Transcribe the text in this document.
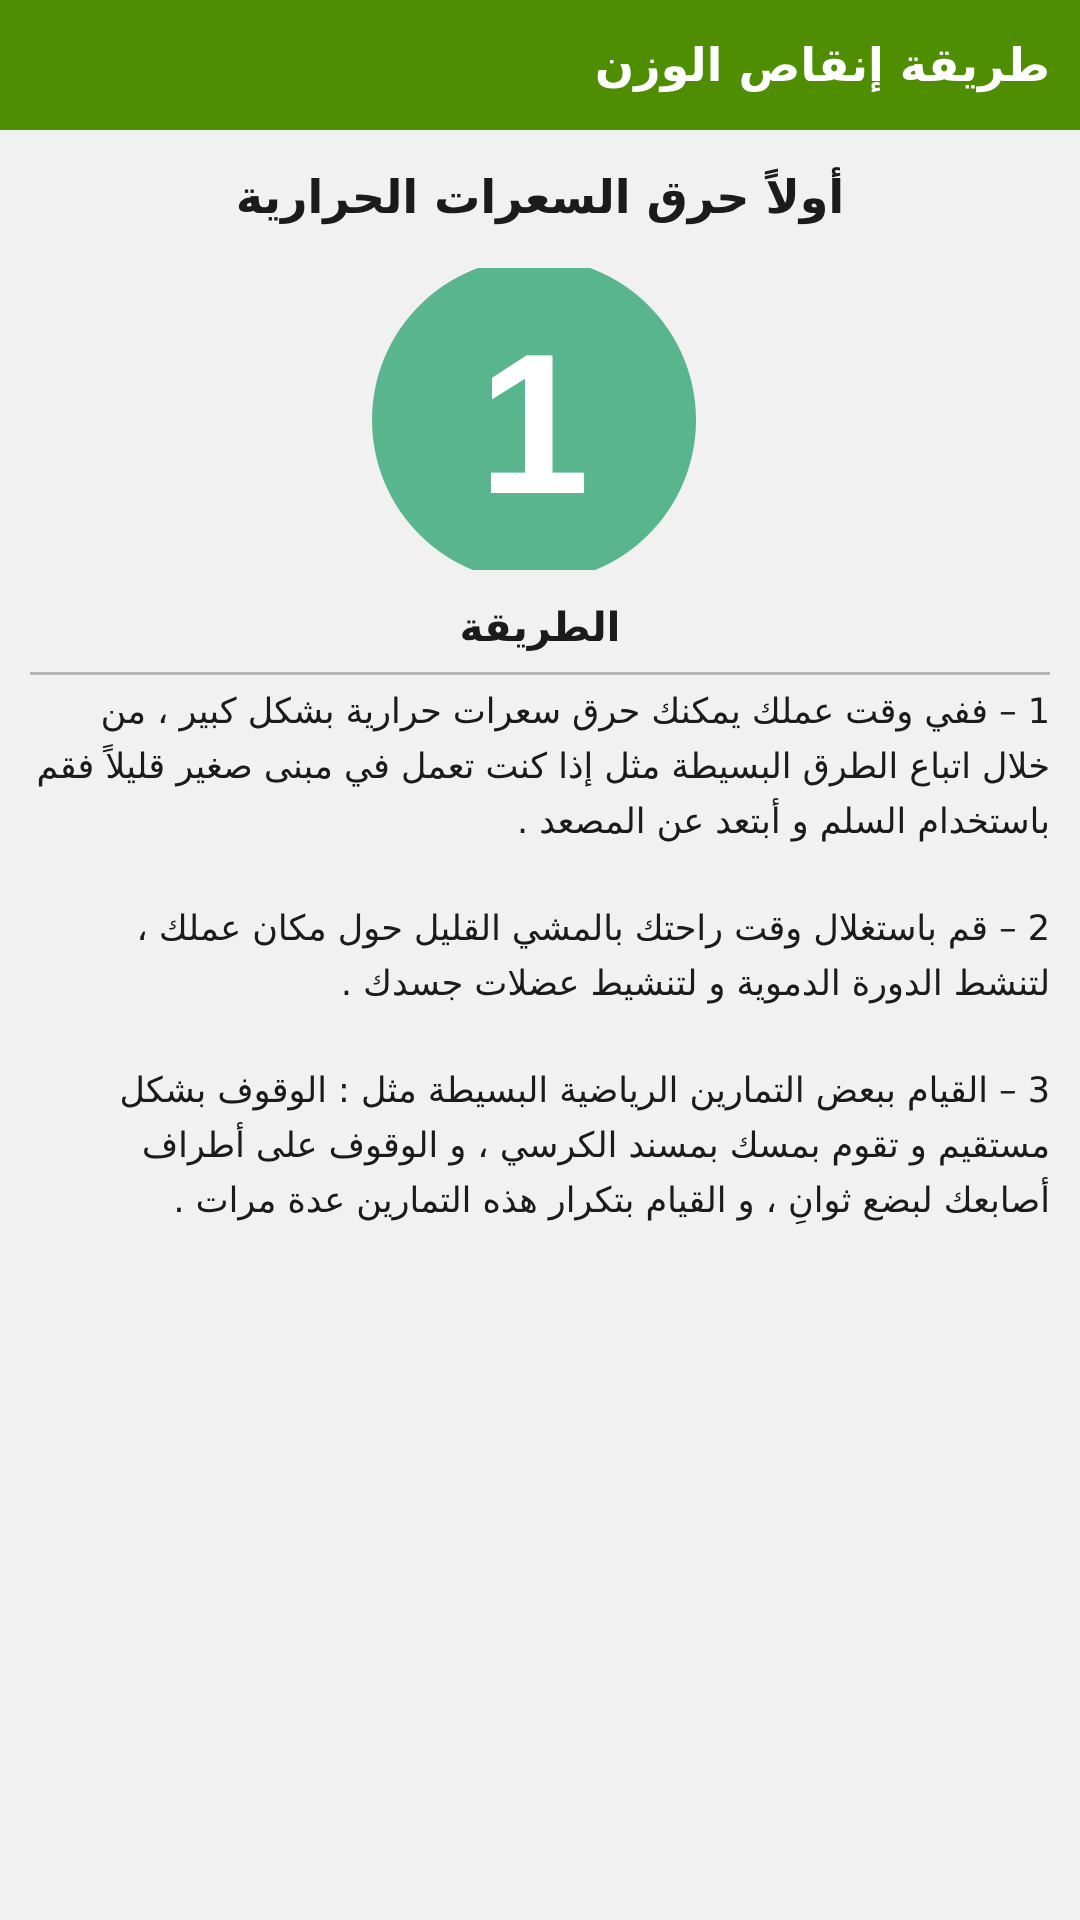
طريقة إنقاص الوزن
أولاً حرق السعرات الحرارية
1
الطريقة

1 – ففي وقت عملك يمكنك حرق سعرات حرارية بشكل كبير ، من خلال اتباع الطرق البسيطة مثل إذا كنت تعمل في مبنى صغير قليلاً فقم باستخدام السلم و أبتعد عن المصعد .

2 – قم باستغلال وقت راحتك بالمشي القليل حول مكان عملك ، لتنشط الدورة الدموية و لتنشيط عضلات جسدك .

3 – القيام ببعض التمارين الرياضية البسيطة مثل : الوقوف بشكل مستقيم و تقوم بمسك بمسند الكرسي ، و الوقوف على أطراف أصابعك لبضع ثوانِ ، و القيام بتكرار هذه التمارين عدة مرات .
